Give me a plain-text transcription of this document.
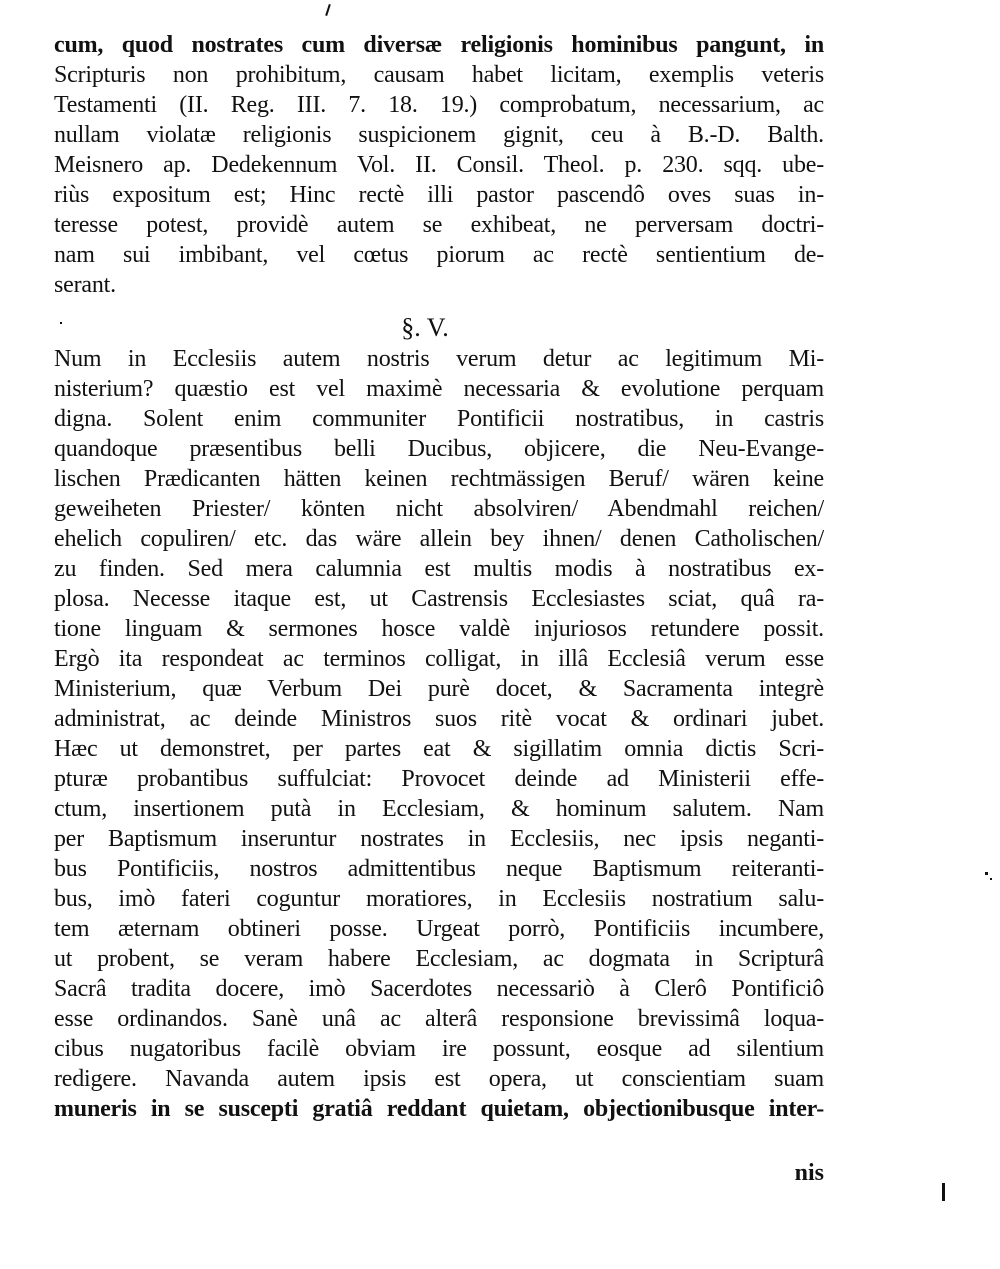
cum, quod nostrates cum diversæ religionis hominibus pangunt, in
Scripturis non prohibitum, causam habet licitam, exemplis veteris
Testamenti (II. Reg. III. 7. 18. 19.) comprobatum, necessarium, ac
nullam violatæ religionis suspicionem gignit, ceu à B.-D. Balth.
Meisnero ap. Dedekennum Vol. II. Consil. Theol. p. 230. sqq. ube-
riùs expositum est; Hinc rectè illi pastor pascendô oves suas in-
teresse potest, providè autem se exhibeat, ne perversam doctri-
nam sui imbibant, vel cœtus piorum ac rectè sentientium de-
serant.
§. V.
Num in Ecclesiis autem nostris verum detur ac legitimum Mi-
nisterium? quæstio est vel maximè necessaria & evolutione perquam
digna. Solent enim communiter Pontificii nostratibus, in castris
quandoque præsentibus belli Ducibus, objicere, die Neu-Evange-
lischen Prædicanten hätten keinen rechtmässigen Beruf/ wären keine
geweiheten Priester/ könten nicht absolviren/ Abendmahl reichen/
ehelich copuliren/ etc. das wäre allein bey ihnen/ denen Catholischen/
zu finden. Sed mera calumnia est multis modis à nostratibus ex-
plosa. Necesse itaque est, ut Castrensis Ecclesiastes sciat, quâ ra-
tione linguam & sermones hosce valdè injuriosos retundere possit.
Ergò ita respondeat ac terminos colligat, in illâ Ecclesiâ verum esse
Ministerium, quæ Verbum Dei purè docet, & Sacramenta integrè
administrat, ac deinde Ministros suos ritè vocat & ordinari jubet.
Hæc ut demonstret, per partes eat & sigillatim omnia dictis Scri-
pturæ probantibus suffulciat: Provocet deinde ad Ministerii effe-
ctum, insertionem putà in Ecclesiam, & hominum salutem. Nam
per Baptismum inseruntur nostrates in Ecclesiis, nec ipsis neganti-
bus Pontificiis, nostros admittentibus neque Baptismum reiteranti-
bus, imò fateri coguntur moratiores, in Ecclesiis nostratium salu-
tem æternam obtineri posse. Urgeat porrò, Pontificiis incumbere,
ut probent, se veram habere Ecclesiam, ac dogmata in Scripturâ
Sacrâ tradita docere, imò Sacerdotes necessariò à Clerô Pontificiô
esse ordinandos. Sanè unâ ac alterâ responsione brevissimâ loqua-
cibus nugatoribus facilè obviam ire possunt, eosque ad silentium
redigere. Navanda autem ipsis est opera, ut conscientiam suam
muneris in se suscepti gratiâ reddant quietam, objectionibusque inter-
nis
